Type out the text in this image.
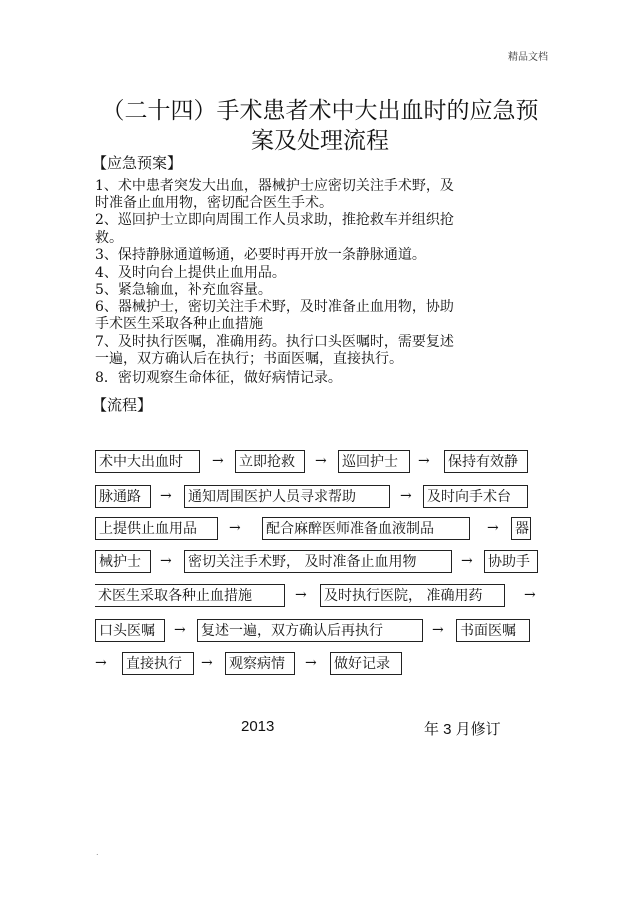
精品文档
（二十四）手术患者术中大出血时的应急预
案及处理流程
【应急预案】
1、术中患者突发大出血，器械护士应密切关注手术野，及
时准备止血用物，密切配合医生手术。
2、巡回护士立即向周围工作人员求助，推抢救车并组织抢
救。
3、保持静脉通道畅通，必要时再开放一条静脉通道。
4、及时向台上提供止血用品。
5、紧急输血，补充血容量。
6、器械护士，密切关注手术野，及时准备止血用物，协助
手术医生采取各种止血措施
7、及时执行医嘱，准确用药。执行口头医嘱时，需要复述
一遍，双方确认后在执行；书面医嘱，直接执行。
8．密切观察生命体征，做好病情记录。
【流程】
术中大出血时	→ 立即抢救	→ 巡回护士	→ 保持有效静
脉通路	→ 通知周围医护人员寻求帮助	→ 及时向手术台
上提供止血用品	→ 配合麻醉医师准备血液制品	→ 器
械护士	→ 密切关注手术野， 及时准备止血用物	→ 协助手
术医生采取各种止血措施	→ 及时执行医院， 准确用药	→
口头医嘱	→ 复述一遍，双方确认后再执行	→ 书面医嘱
→ 直接执行	→ 观察病情	→ 做好记录
2013	年 3 月修订
.
